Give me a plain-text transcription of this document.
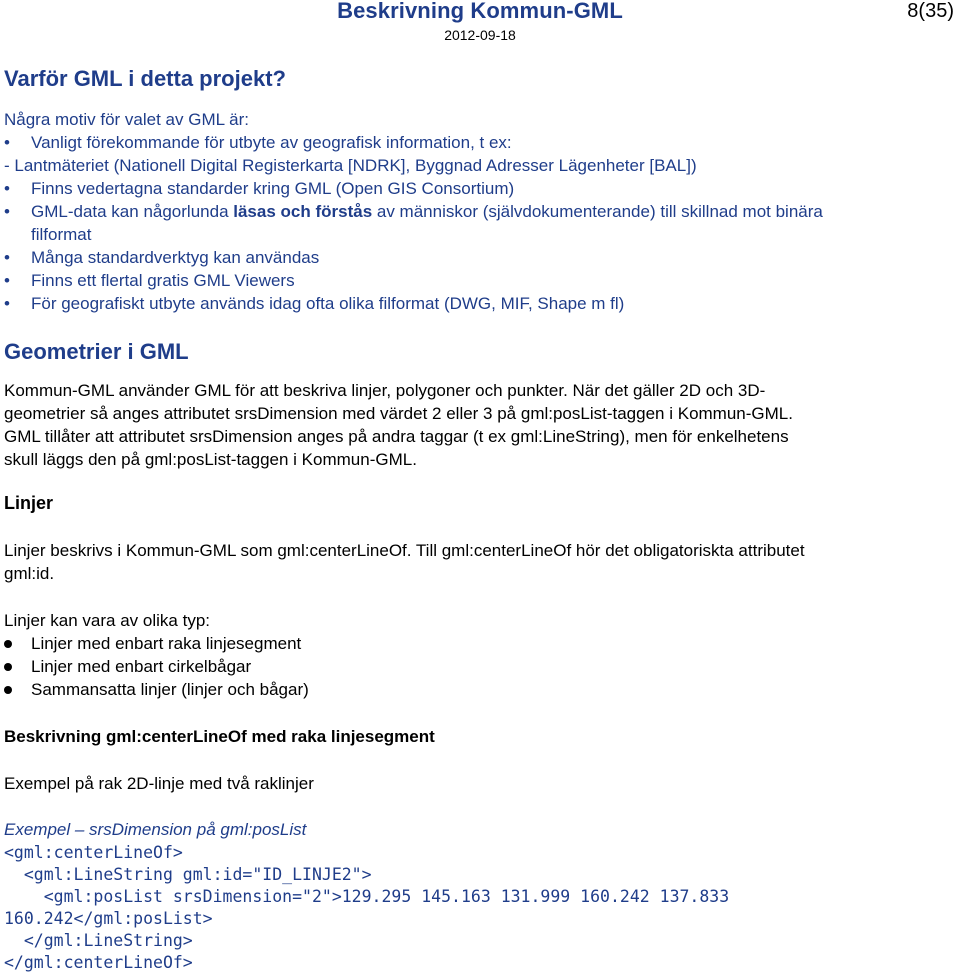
Beskrivning Kommun-GML	8(35)
2012-09-18
Varför GML i detta projekt?
Några motiv för valet av GML är:
•	Vanligt förekommande för utbyte av geografisk information, t ex:
- Lantmäteriet (Nationell Digital Registerkarta [NDRK], Byggnad Adresser Lägenheter [BAL])
•	Finns vedertagna standarder kring GML (Open GIS Consortium)
•	GML-data kan någorlunda läsas och förstås av människor (självdokumenterande) till skillnad mot binära
filformat
•	Många standardverktyg kan användas
•	Finns ett flertal gratis GML Viewers
•	För geografiskt utbyte används idag ofta olika filformat (DWG, MIF, Shape m fl)
Geometrier i GML
Kommun-GML använder GML för att beskriva linjer, polygoner och punkter. När det gäller 2D och 3D-
geometrier så anges attributet srsDimension med värdet 2 eller 3 på gml:posList-taggen i Kommun-GML.
GML tillåter att attributet srsDimension anges på andra taggar (t ex gml:LineString), men för enkelhetens
skull läggs den på gml:posList-taggen i Kommun-GML.
Linjer
Linjer beskrivs i Kommun-GML som gml:centerLineOf. Till gml:centerLineOf hör det obligatoriskta attributet
gml:id.
Linjer kan vara av olika typ:
Linjer med enbart raka linjesegment
Linjer med enbart cirkelbågar
Sammansatta linjer (linjer och bågar)
Beskrivning gml:centerLineOf med raka linjesegment
Exempel på rak 2D-linje med två raklinjer
Exempel – srsDimension på gml:posList
<gml:centerLineOf>
<gml:LineString gml:id="ID_LINJE2">
<gml:posList srsDimension="2">129.295 145.163 131.999 160.242 137.833
160.242</gml:posList>
</gml:LineString>
</gml:centerLineOf>
